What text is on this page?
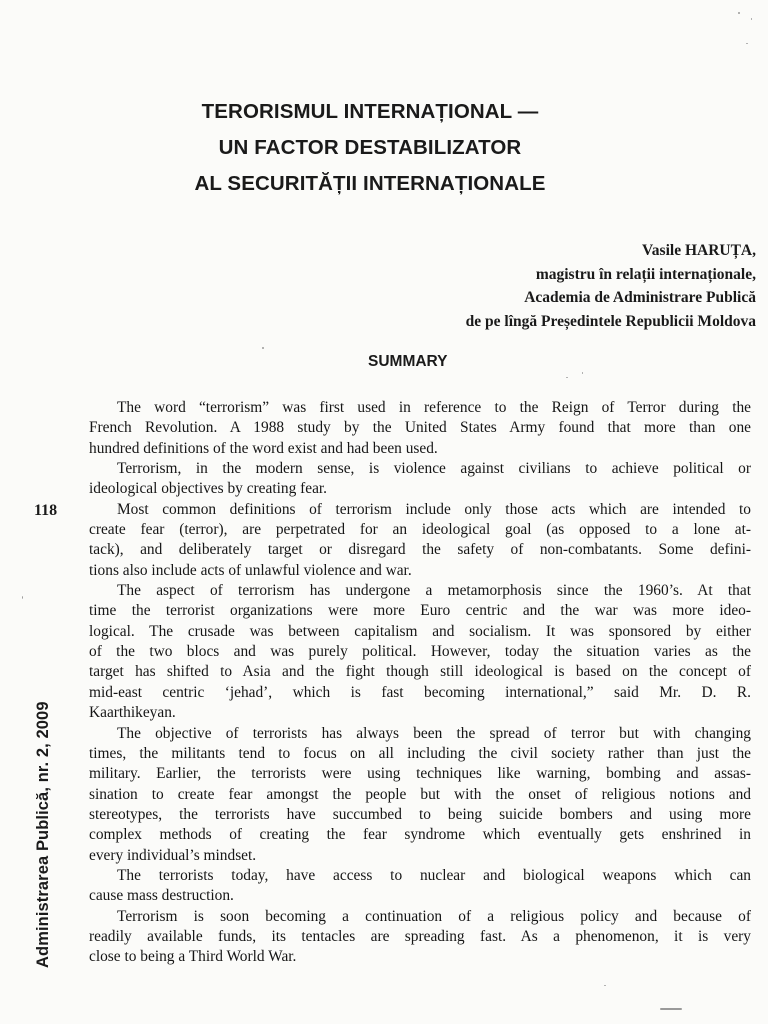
TERORISMUL INTERNAȚIONAL —
UN FACTOR DESTABILIZATOR
AL SECURITĂȚII INTERNAȚIONALE
Vasile HARUȚA,
magistru în relații internaționale,
Academia de Administrare Publică
de pe lîngă Președintele Republicii Moldova
SUMMARY
118
Administrarea Publică, nr. 2, 2009
The word “terrorism” was first used in reference to the Reign of Terror during the
French Revolution. A 1988 study by the United States Army found that more than one
hundred definitions of the word exist and had been used.
Terrorism, in the modern sense, is violence against civilians to achieve political or
ideological objectives by creating fear.
Most common definitions of terrorism include only those acts which are intended to
create fear (terror), are perpetrated for an ideological goal (as opposed to a lone at-
tack), and deliberately target or disregard the safety of non-combatants. Some defini-
tions also include acts of unlawful violence and war.
The aspect of terrorism has undergone a metamorphosis since the 1960’s. At that
time the terrorist organizations were more Euro centric and the war was more ideo-
logical. The crusade was between capitalism and socialism. It was sponsored by either
of the two blocs and was purely political. However, today the situation varies as the
target has shifted to Asia and the fight though still ideological is based on the concept of
mid-east centric ‘jehad’, which is fast becoming international,” said Mr. D. R.
Kaarthikeyan.
The objective of terrorists has always been the spread of terror but with changing
times, the militants tend to focus on all including the civil society rather than just the
military. Earlier, the terrorists were using techniques like warning, bombing and assas-
sination to create fear amongst the people but with the onset of religious notions and
stereotypes, the terrorists have succumbed to being suicide bombers and using more
complex methods of creating the fear syndrome which eventually gets enshrined in
every individual’s mindset.
The terrorists today, have access to nuclear and biological weapons which can
cause mass destruction.
Terrorism is soon becoming a continuation of a religious policy and because of
readily available funds, its tentacles are spreading fast. As a phenomenon, it is very
close to being a Third World War.
